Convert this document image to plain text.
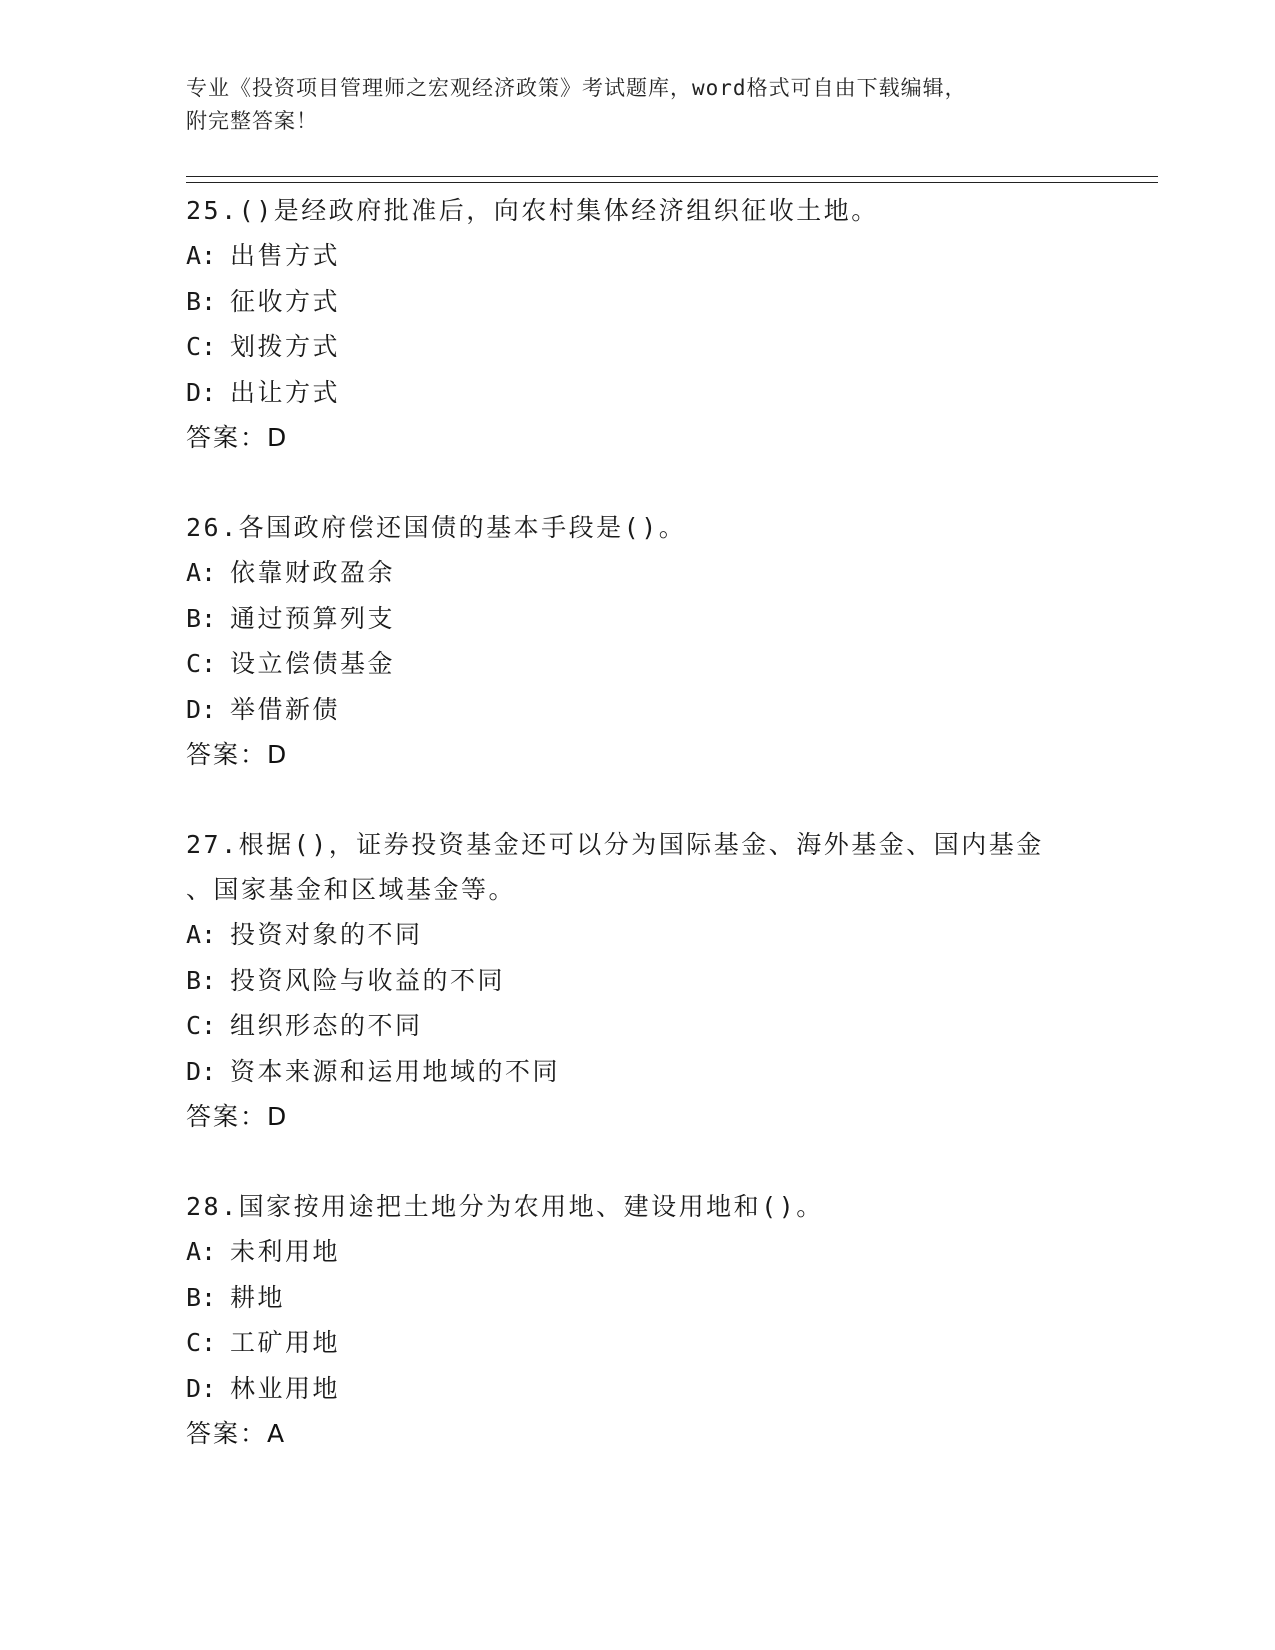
专业《投资项目管理师之宏观经济政策》考试题库，word格式可自由下载编辑，

附完整答案！

25.()是经政府批准后，向农村集体经济组织征收土地。

A: 出售方式

B: 征收方式

C: 划拨方式

D: 出让方式

答案：D

26.各国政府偿还国债的基本手段是()。

A: 依靠财政盈余

B: 通过预算列支

C: 设立偿债基金

D: 举借新债

答案：D

27.根据()，证券投资基金还可以分为国际基金、海外基金、国内基金

、国家基金和区域基金等。

A: 投资对象的不同

B: 投资风险与收益的不同

C: 组织形态的不同

D: 资本来源和运用地域的不同

答案：D

28.国家按用途把土地分为农用地、建设用地和()。

A: 未利用地

B: 耕地

C: 工矿用地

D: 林业用地

答案：A
